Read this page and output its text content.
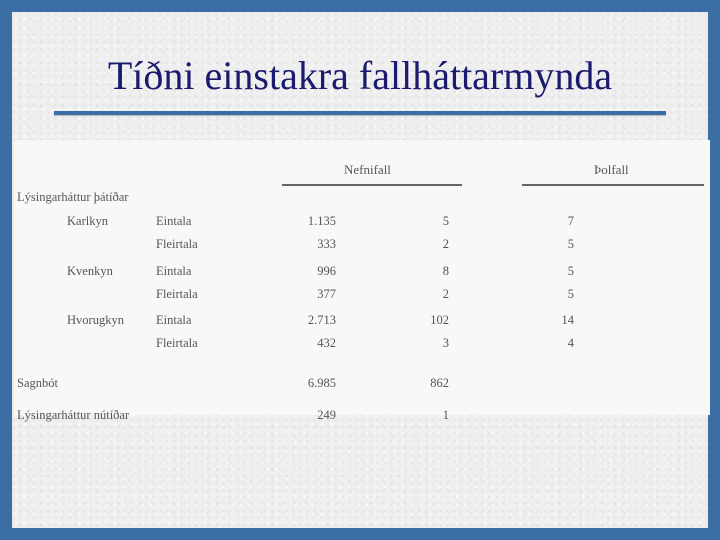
Tíðni einstakra fallháttarmynda
Nefnifall	Þolfall
Lýsingarháttur þátíðar
Karlkyn	Eintala	1.135	5	7
Fleirtala	333	2	5
Kvenkyn	Eintala	996	8	5
Fleirtala	377	2	5
Hvorugkyn	Eintala	2.713	102	14
Fleirtala	432	3	4
Sagnbót	6.985	862
Lýsingarháttur nútíðar	249	1
